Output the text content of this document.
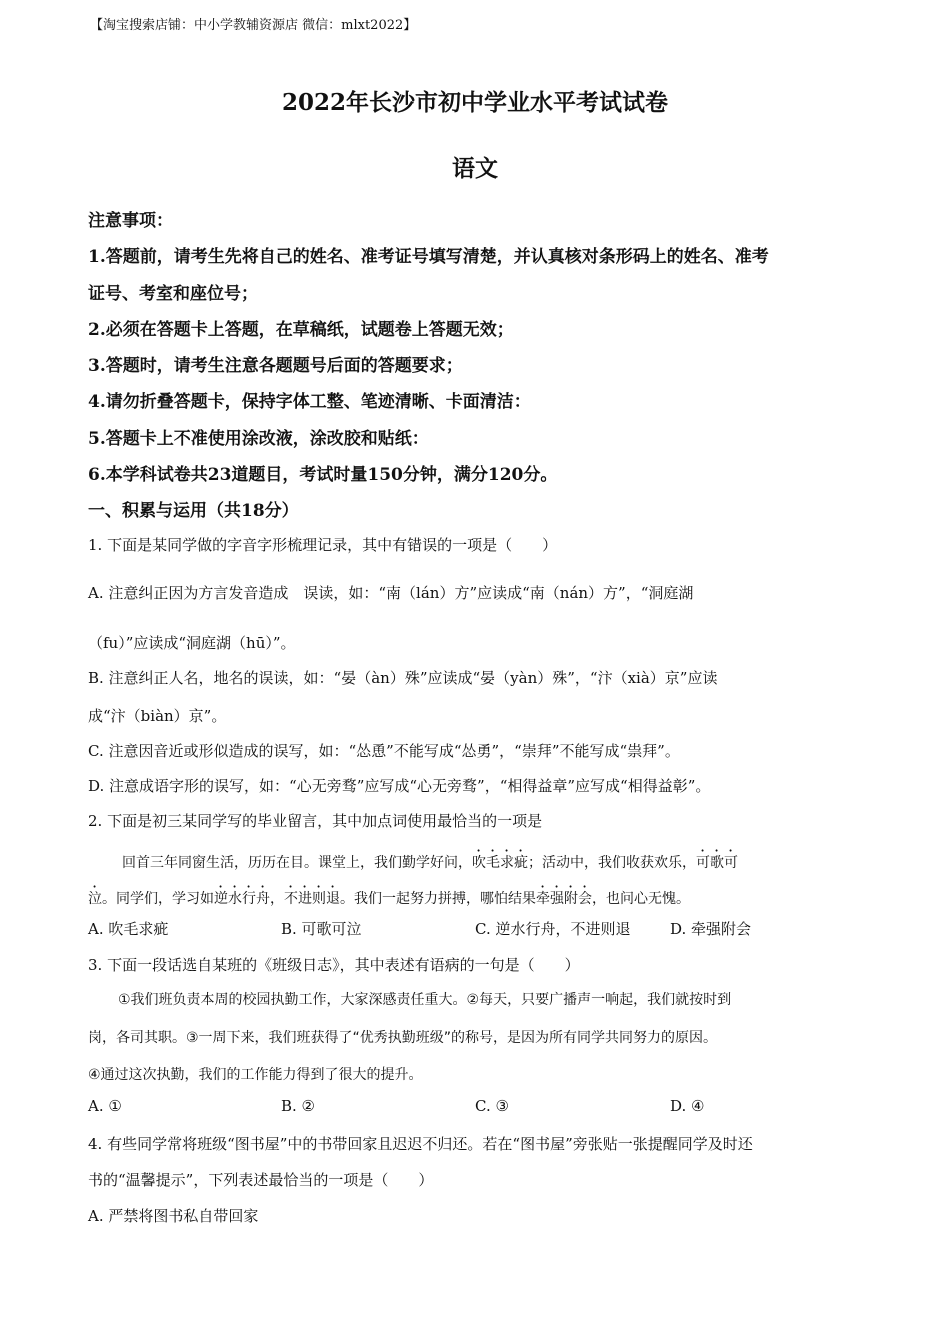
【淘宝搜索店铺：中小学教辅资源店 微信：mlxt2022】
2022年长沙市初中学业水平考试试卷
语文
注意事项：
1.答题前，请考生先将自己的姓名、准考证号填写清楚，并认真核对条形码上的姓名、准考
证号、考室和座位号；
2.必须在答题卡上答题，在草稿纸，试题卷上答题无效；
3.答题时，请考生注意各题题号后面的答题要求；
4.请勿折叠答题卡，保持字体工整、笔迹清晰、卡面清洁：
5.答题卡上不准使用涂改液，涂改胶和贴纸：
6.本学科试卷共23道题目，考试时量150分钟，满分120分。
一、积累与运用（共18分）
1. 下面是某同学做的字音字形梳理记录，其中有错误的一项是（　　）
A. 注意纠正因为方言发音造成　误读，如：“南（lán）方”应读成“南（nán）方”，“洞庭湖
（fu）”应读成“洞庭湖（hū）”。
B. 注意纠正人名，地名的误读，如：“晏（àn）殊”应读成“晏（yàn）殊”，“汴（xià）京”应读
成“汴（biàn）京”。
C. 注意因音近或形似造成的误写，如：“怂恿”不能写成“怂勇”，“崇拜”不能写成“祟拜”。
D. 注意成语字形的误写，如：“心无旁骛”应写成“心无旁骛”，“相得益章”应写成“相得益彰”。
2. 下面是初三某同学写的毕业留言，其中加点词使用最恰当的一项是
回首三年同窗生活，历历在目。课堂上，我们勤学好问，吹毛求疵；活动中，我们收获欢乐，可歌可
泣。同学们，学习如逆水行舟，不进则退。我们一起努力拼搏，哪怕结果牵强附会，也问心无愧。
A. 吹毛求疵	B. 可歌可泣	C. 逆水行舟，不进则退	D. 牵强附会
3. 下面一段话选自某班的《班级日志》，其中表述有语病的一句是（　　）
①我们班负责本周的校园执勤工作，大家深感责任重大。②每天，只要广播声一响起，我们就按时到
岗，各司其职。③一周下来，我们班获得了“优秀执勤班级”的称号，是因为所有同学共同努力的原因。
④通过这次执勤，我们的工作能力得到了很大的提升。
A. ①	B. ②	C. ③	D. ④
4. 有些同学常将班级“图书屋”中的书带回家且迟迟不归还。若在“图书屋”旁张贴一张提醒同学及时还
书的“温馨提示”，下列表述最恰当的一项是（　　）
A. 严禁将图书私自带回家
